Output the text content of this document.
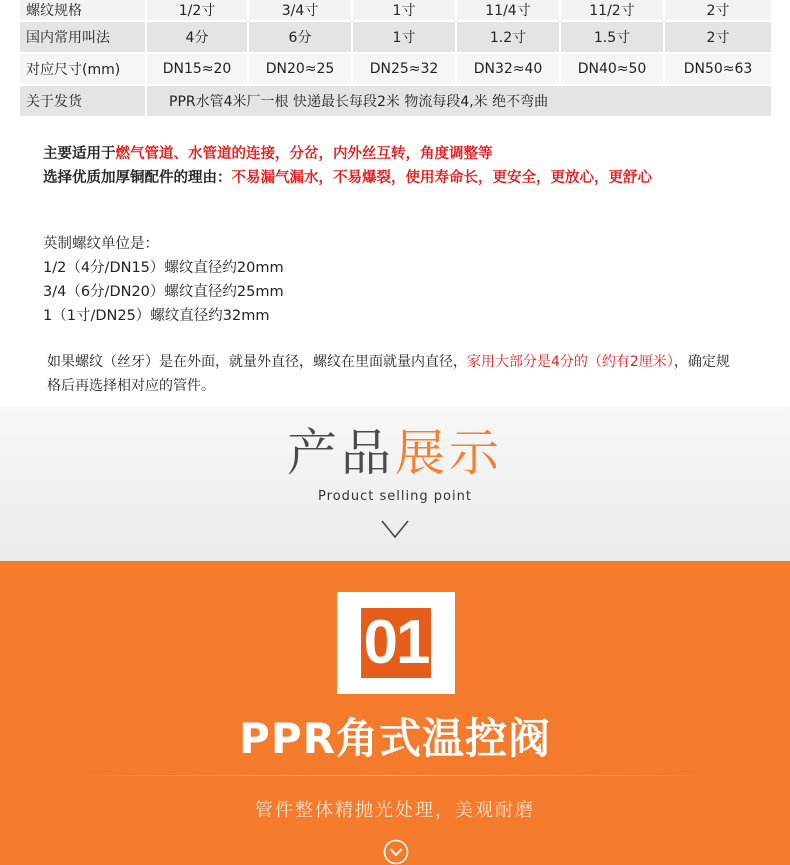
螺纹规格	1/2寸	3/4寸	1寸	11/4寸	11/2寸	2寸
国内常用叫法	4分	6分	1寸	1.2寸	1.5寸	2寸
对应尺寸(mm)	DN15≈20	DN20≈25	DN25≈32	DN32≈40	DN40≈50	DN50≈63
关于发货	PPR水管4米厂一根 快递最长每段2米 物流每段4,米 绝不弯曲					
主要适用于燃气管道、水管道的连接，分岔，内外丝互转，角度调整等
选择优质加厚铜配件的理由：不易漏气漏水，不易爆裂，使用寿命长，更安全，更放心，更舒心
英制螺纹单位是：
1/2（4分/DN15）螺纹直径约20mm
3/4（6分/DN20）螺纹直径约25mm
1（1寸/DN25）螺纹直径约32mm
如果螺纹（丝牙）是在外面，就量外直径，螺纹在里面就量内直径，家用大部分是4分的（约有2厘米），确定规格后再选择相对应的管件。
产品展示
Product selling point
01
PPR角式温控阀
管件整体精抛光处理，美观耐磨
